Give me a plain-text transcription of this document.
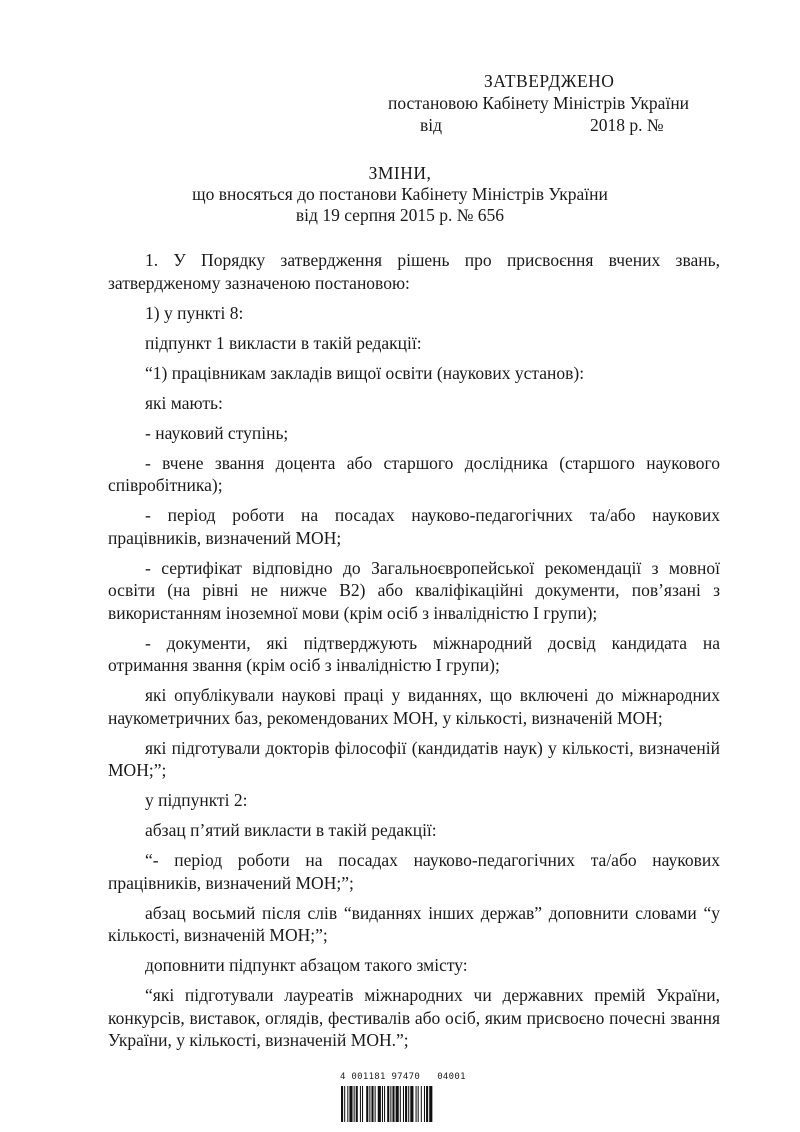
ЗАТВЕРДЖЕНО
постановою Кабінету Міністрів України
від	2018 р. №
ЗМІНИ,
що вносяться до постанови Кабінету Міністрів України
від 19 серпня 2015 р. № 656

1. У Порядку затвердження рішень про присвоєння вчених звань, затвердженому зазначеною постановою:

1) у пункті 8:

підпункт 1 викласти в такій редакції:

“1) працівникам закладів вищої освіти (наукових установ):

які мають:

- науковий ступінь;

- вчене звання доцента або старшого дослідника (старшого наукового співробітника);

- період роботи на посадах науково-педагогічних та/або наукових працівників, визначений МОН;

- сертифікат відповідно до Загальноєвропейської рекомендації з мовної освіти (на рівні не нижче В2) або кваліфікаційні документи, пов’язані з використанням іноземної мови (крім осіб з інвалідністю І групи);

- документи, які підтверджують міжнародний досвід кандидата на отримання звання (крім осіб з інвалідністю І групи);

які опублікували наукові праці у виданнях, що включені до міжнародних наукометричних баз, рекомендованих МОН, у кількості, визначеній МОН;

які підготували докторів філософії (кандидатів наук) у кількості, визначеній МОН;”;

у підпункті 2:

абзац п’ятий викласти в такій редакції:

“- період роботи на посадах науково-педагогічних та/або наукових працівників, визначений МОН;”;

абзац восьмий після слів “виданнях інших держав” доповнити словами “у кількості, визначеній МОН;”;

доповнити підпункт абзацом такого змісту:

“які підготували лауреатів міжнародних чи державних премій України, конкурсів, виставок, оглядів, фестивалів або осіб, яким присвоєно почесні звання України, у кількості, визначеній МОН.”;

4 001181 97470   04001
